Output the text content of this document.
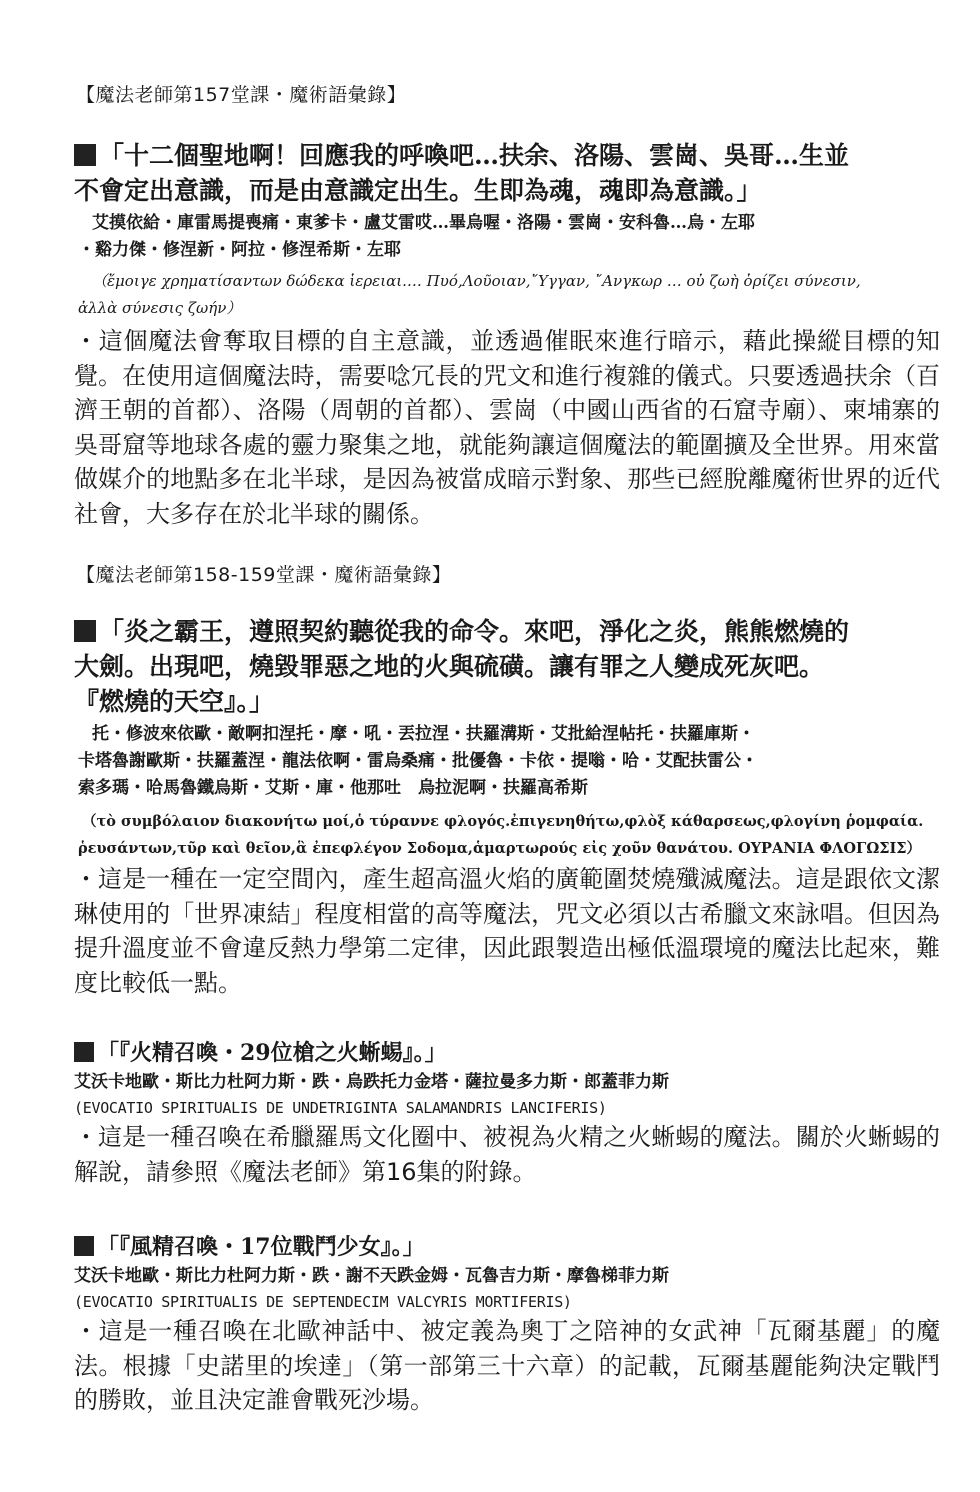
【魔法老師第157堂課・魔術語彙錄】
「十二個聖地啊！回應我的呼喚吧…扶余、洛陽、雲崗、吳哥…生並
不會定出意識，而是由意識定出生。生即為魂，魂即為意識。」
艾摸依給・庫雷馬提喪痛・東爹卡・盧艾雷哎…畢烏喔・洛陽・雲崗・安科魯…烏・左耶
・谿力傑・修涅新・阿拉・修涅希斯・左耶
（ἔμοιγε χρηματίσαντων δώδεκα ἱερειαι.… Πυό,Λοῦοιαν,῎Υγγαν, ῎Ανγκωρ … οὐ ζωὴ ὁρίζει σύνεσιν,
ἀλλὰ σύνεσις ζωήν）
・這個魔法會奪取目標的自主意識，並透過催眠來進行暗示，藉此操縱目標的知覺。在使用這個魔法時，需要唸冗長的咒文和進行複雜的儀式。只要透過扶余（百濟王朝的首都）、洛陽（周朝的首都）、雲崗（中國山西省的石窟寺廟）、柬埔寨的吳哥窟等地球各處的靈力聚集之地，就能夠讓這個魔法的範圍擴及全世界。用來當做媒介的地點多在北半球，是因為被當成暗示對象、那些已經脫離魔術世界的近代社會，大多存在於北半球的關係。
【魔法老師第158-159堂課・魔術語彙錄】
「炎之霸王，遵照契約聽從我的命令。來吧，淨化之炎，熊熊燃燒的
大劍。出現吧，燒毀罪惡之地的火與硫磺。讓有罪之人變成死灰吧。
『燃燒的天空』。」
托・修波來依歐・敵啊扣涅托・摩・吼・丟拉涅・扶羅溝斯・艾批給涅帖托・扶羅庫斯・
卡塔魯謝歐斯・扶羅蓋涅・龍法依啊・雷烏桑痛・批優魯・卡依・提嗡・哈・艾配扶雷公・
索多瑪・哈馬魯鐵烏斯・艾斯・庫・他那吐　烏拉泥啊・扶羅高希斯
（τὸ συμβόλαιον διακονήτω μοί,ὁ τύραννε φλογός.ἐπιγενηθήτω,φλὸξ κάθαρσεως,φλογίνη ῥομφαία.
ῥευσάντων,τῦρ καὶ θεῖον,ἃ ἐπεφλέγον Σοδομα,ἁμαρτωρούς εἰς χοῦν θανάτου. ΟΥΡΑΝΙΑ ΦΛΟΓΩΣΙΣ）
・這是一種在一定空間內，產生超高溫火焰的廣範圍焚燒殲滅魔法。這是跟依文潔琳使用的「世界凍結」程度相當的高等魔法，咒文必須以古希臘文來詠唱。但因為提升溫度並不會違反熱力學第二定律，因此跟製造出極低溫環境的魔法比起來，難度比較低一點。
「『火精召喚・29位槍之火蜥蜴』。」
艾沃卡地歐・斯比力杜阿力斯・跌・烏跌托力金塔・薩拉曼多力斯・郎蓋菲力斯
(EVOCATIO SPIRITUALIS DE UNDETRIGINTA SALAMANDRIS LANCIFERIS)
・這是一種召喚在希臘羅馬文化圈中、被視為火精之火蜥蜴的魔法。關於火蜥蜴的解說，請參照《魔法老師》第16集的附錄。
「『風精召喚・17位戰鬥少女』。」
艾沃卡地歐・斯比力杜阿力斯・跌・謝不天跌金姆・瓦魯吉力斯・摩魯梯菲力斯
(EVOCATIO SPIRITUALIS DE SEPTENDECIM VALCYRIS MORTIFERIS)
・這是一種召喚在北歐神話中、被定義為奧丁之陪神的女武神「瓦爾基麗」的魔法。根據「史諾里的埃達」（第一部第三十六章）的記載，瓦爾基麗能夠決定戰鬥的勝敗，並且決定誰會戰死沙場。
